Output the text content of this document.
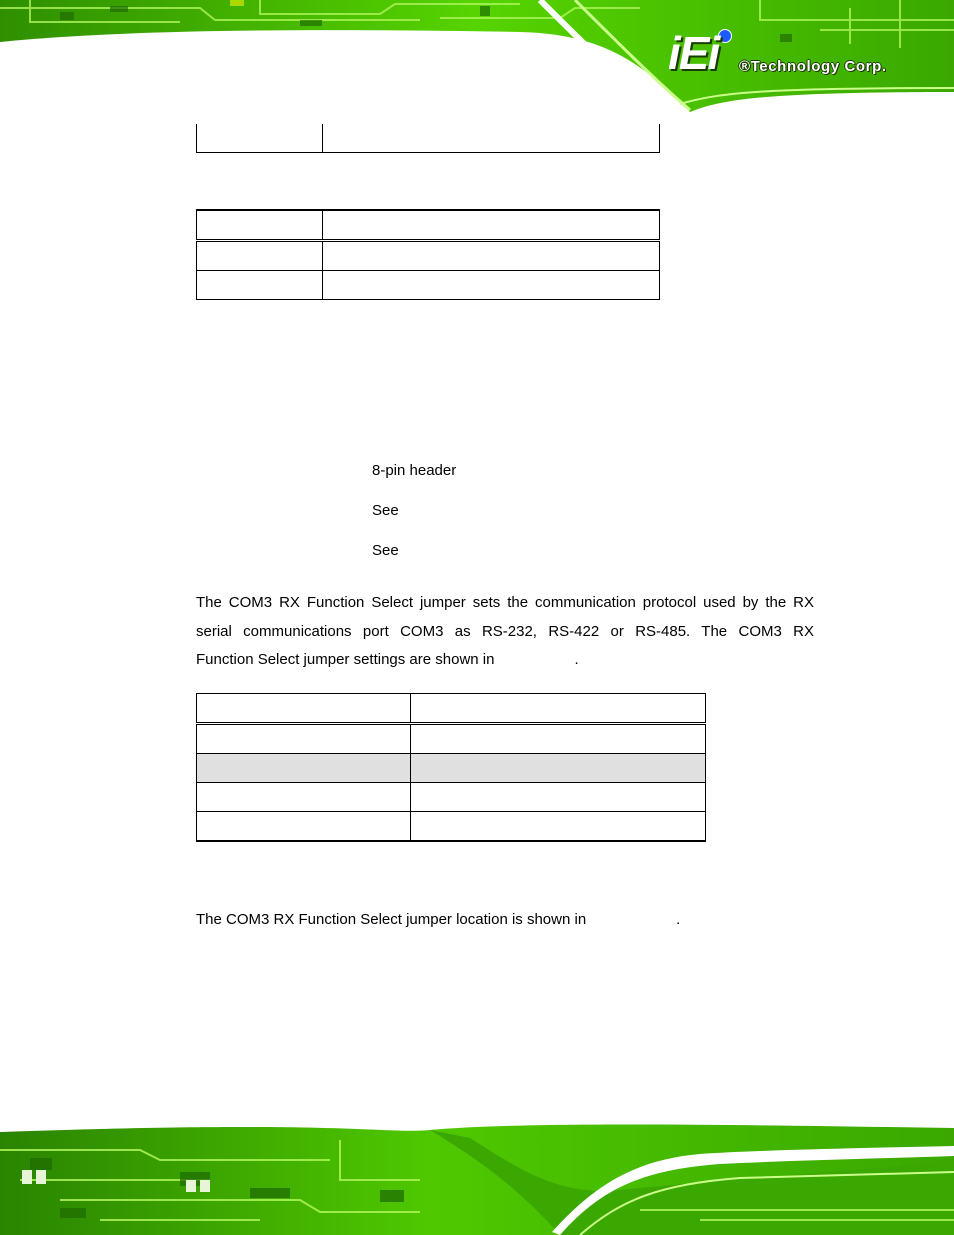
iEi ®Technology Corp.

8-pin header
See
See
The COM3 RX Function Select jumper sets the communication protocol used by the RX
serial communications port COM3 as RS-232, RS-422 or RS-485. The COM3 RX
Function Select jumper settings are shown in	.

The COM3 RX Function Select jumper location is shown in	.
